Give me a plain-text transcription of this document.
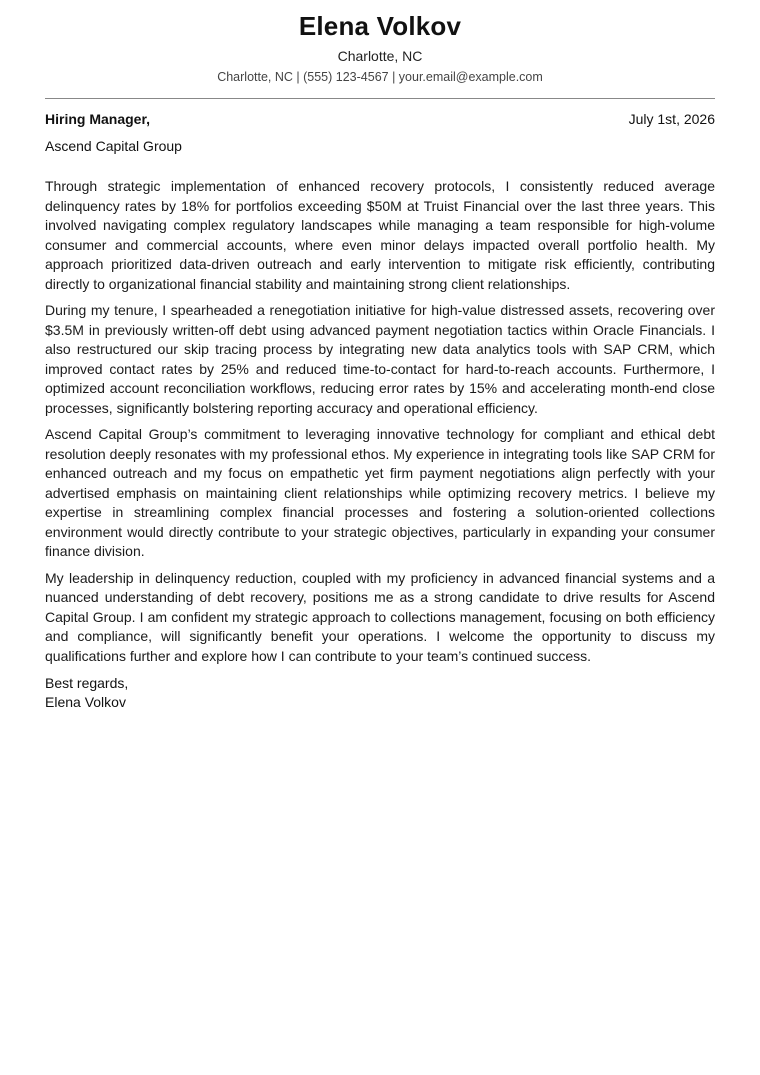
Elena Volkov
Charlotte, NC
Charlotte, NC | (555) 123-4567 | your.email@example.com
Hiring Manager,	July 1st, 2026
Ascend Capital Group

Through strategic implementation of enhanced recovery protocols, I consistently reduced average delinquency rates by 18% for portfolios exceeding $50M at Truist Financial over the last three years. This involved navigating complex regulatory landscapes while managing a team responsible for high-volume consumer and commercial accounts, where even minor delays impacted overall portfolio health. My approach prioritized data-driven outreach and early intervention to mitigate risk efficiently, contributing directly to organizational financial stability and maintaining strong client relationships.

During my tenure, I spearheaded a renegotiation initiative for high-value distressed assets, recovering over $3.5M in previously written-off debt using advanced payment negotiation tactics within Oracle Financials. I also restructured our skip tracing process by integrating new data analytics tools with SAP CRM, which improved contact rates by 25% and reduced time-to-contact for hard-to-reach accounts. Furthermore, I optimized account reconciliation workflows, reducing error rates by 15% and accelerating month-end close processes, significantly bolstering reporting accuracy and operational efficiency.

Ascend Capital Group’s commitment to leveraging innovative technology for compliant and ethical debt resolution deeply resonates with my professional ethos. My experience in integrating tools like SAP CRM for enhanced outreach and my focus on empathetic yet firm payment negotiations align perfectly with your advertised emphasis on maintaining client relationships while optimizing recovery metrics. I believe my expertise in streamlining complex financial processes and fostering a solution-oriented collections environment would directly contribute to your strategic objectives, particularly in expanding your consumer finance division.

My leadership in delinquency reduction, coupled with my proficiency in advanced financial systems and a nuanced understanding of debt recovery, positions me as a strong candidate to drive results for Ascend Capital Group. I am confident my strategic approach to collections management, focusing on both efficiency and compliance, will significantly benefit your operations. I welcome the opportunity to discuss my qualifications further and explore how I can contribute to your team’s continued success.

Best regards,
Elena Volkov
